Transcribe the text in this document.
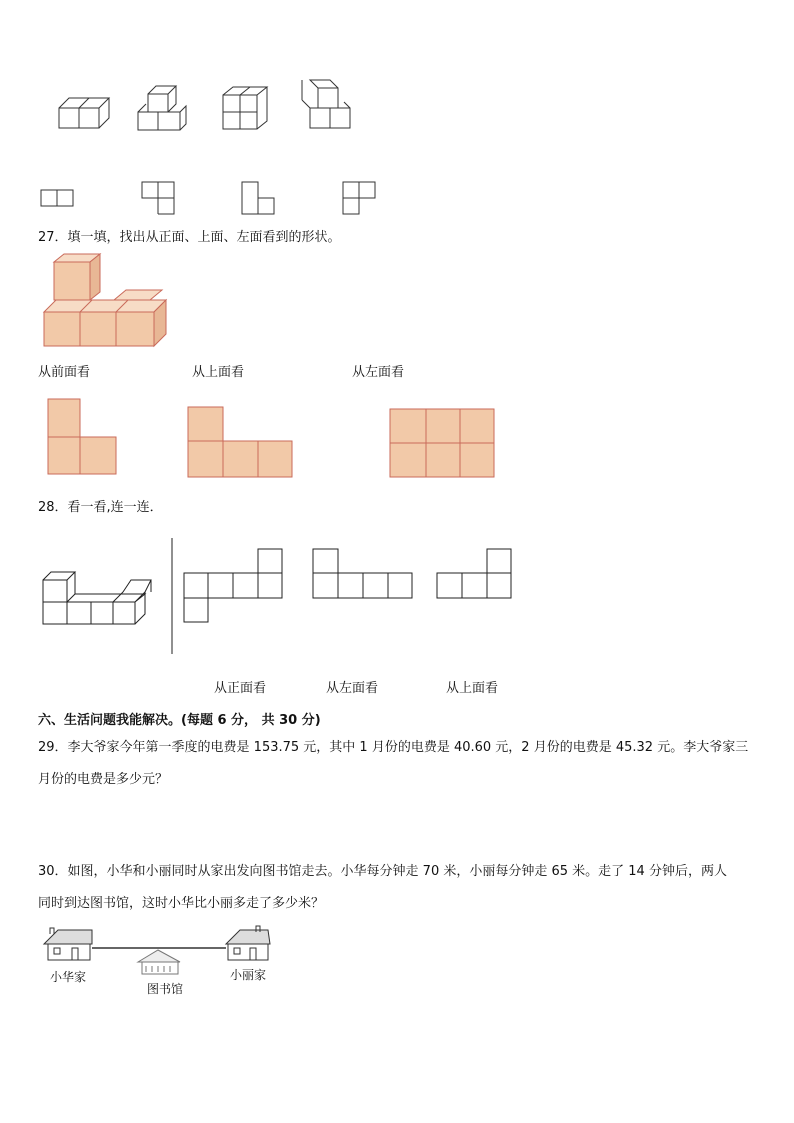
27．填一填，找出从正面、上面、左面看到的形状。
从前面看	从上面看	从左面看
28．看一看,连一连．
从正面看	从左面看	从上面看
六、生活问题我能解决。(每题 6 分， 共 30 分)
29．李大爷家今年第一季度的电费是 153.75 元，其中 1 月份的电费是 40.60 元，2 月份的电费是 45.32 元。李大爷家三
月份的电费是多少元？
30．如图，小华和小丽同时从家出发向图书馆走去。小华每分钟走 70 米，小丽每分钟走 65 米。走了 14 分钟后，两人
同时到达图书馆，这时小华比小丽多走了多少米？
小华家
图书馆
小丽家
